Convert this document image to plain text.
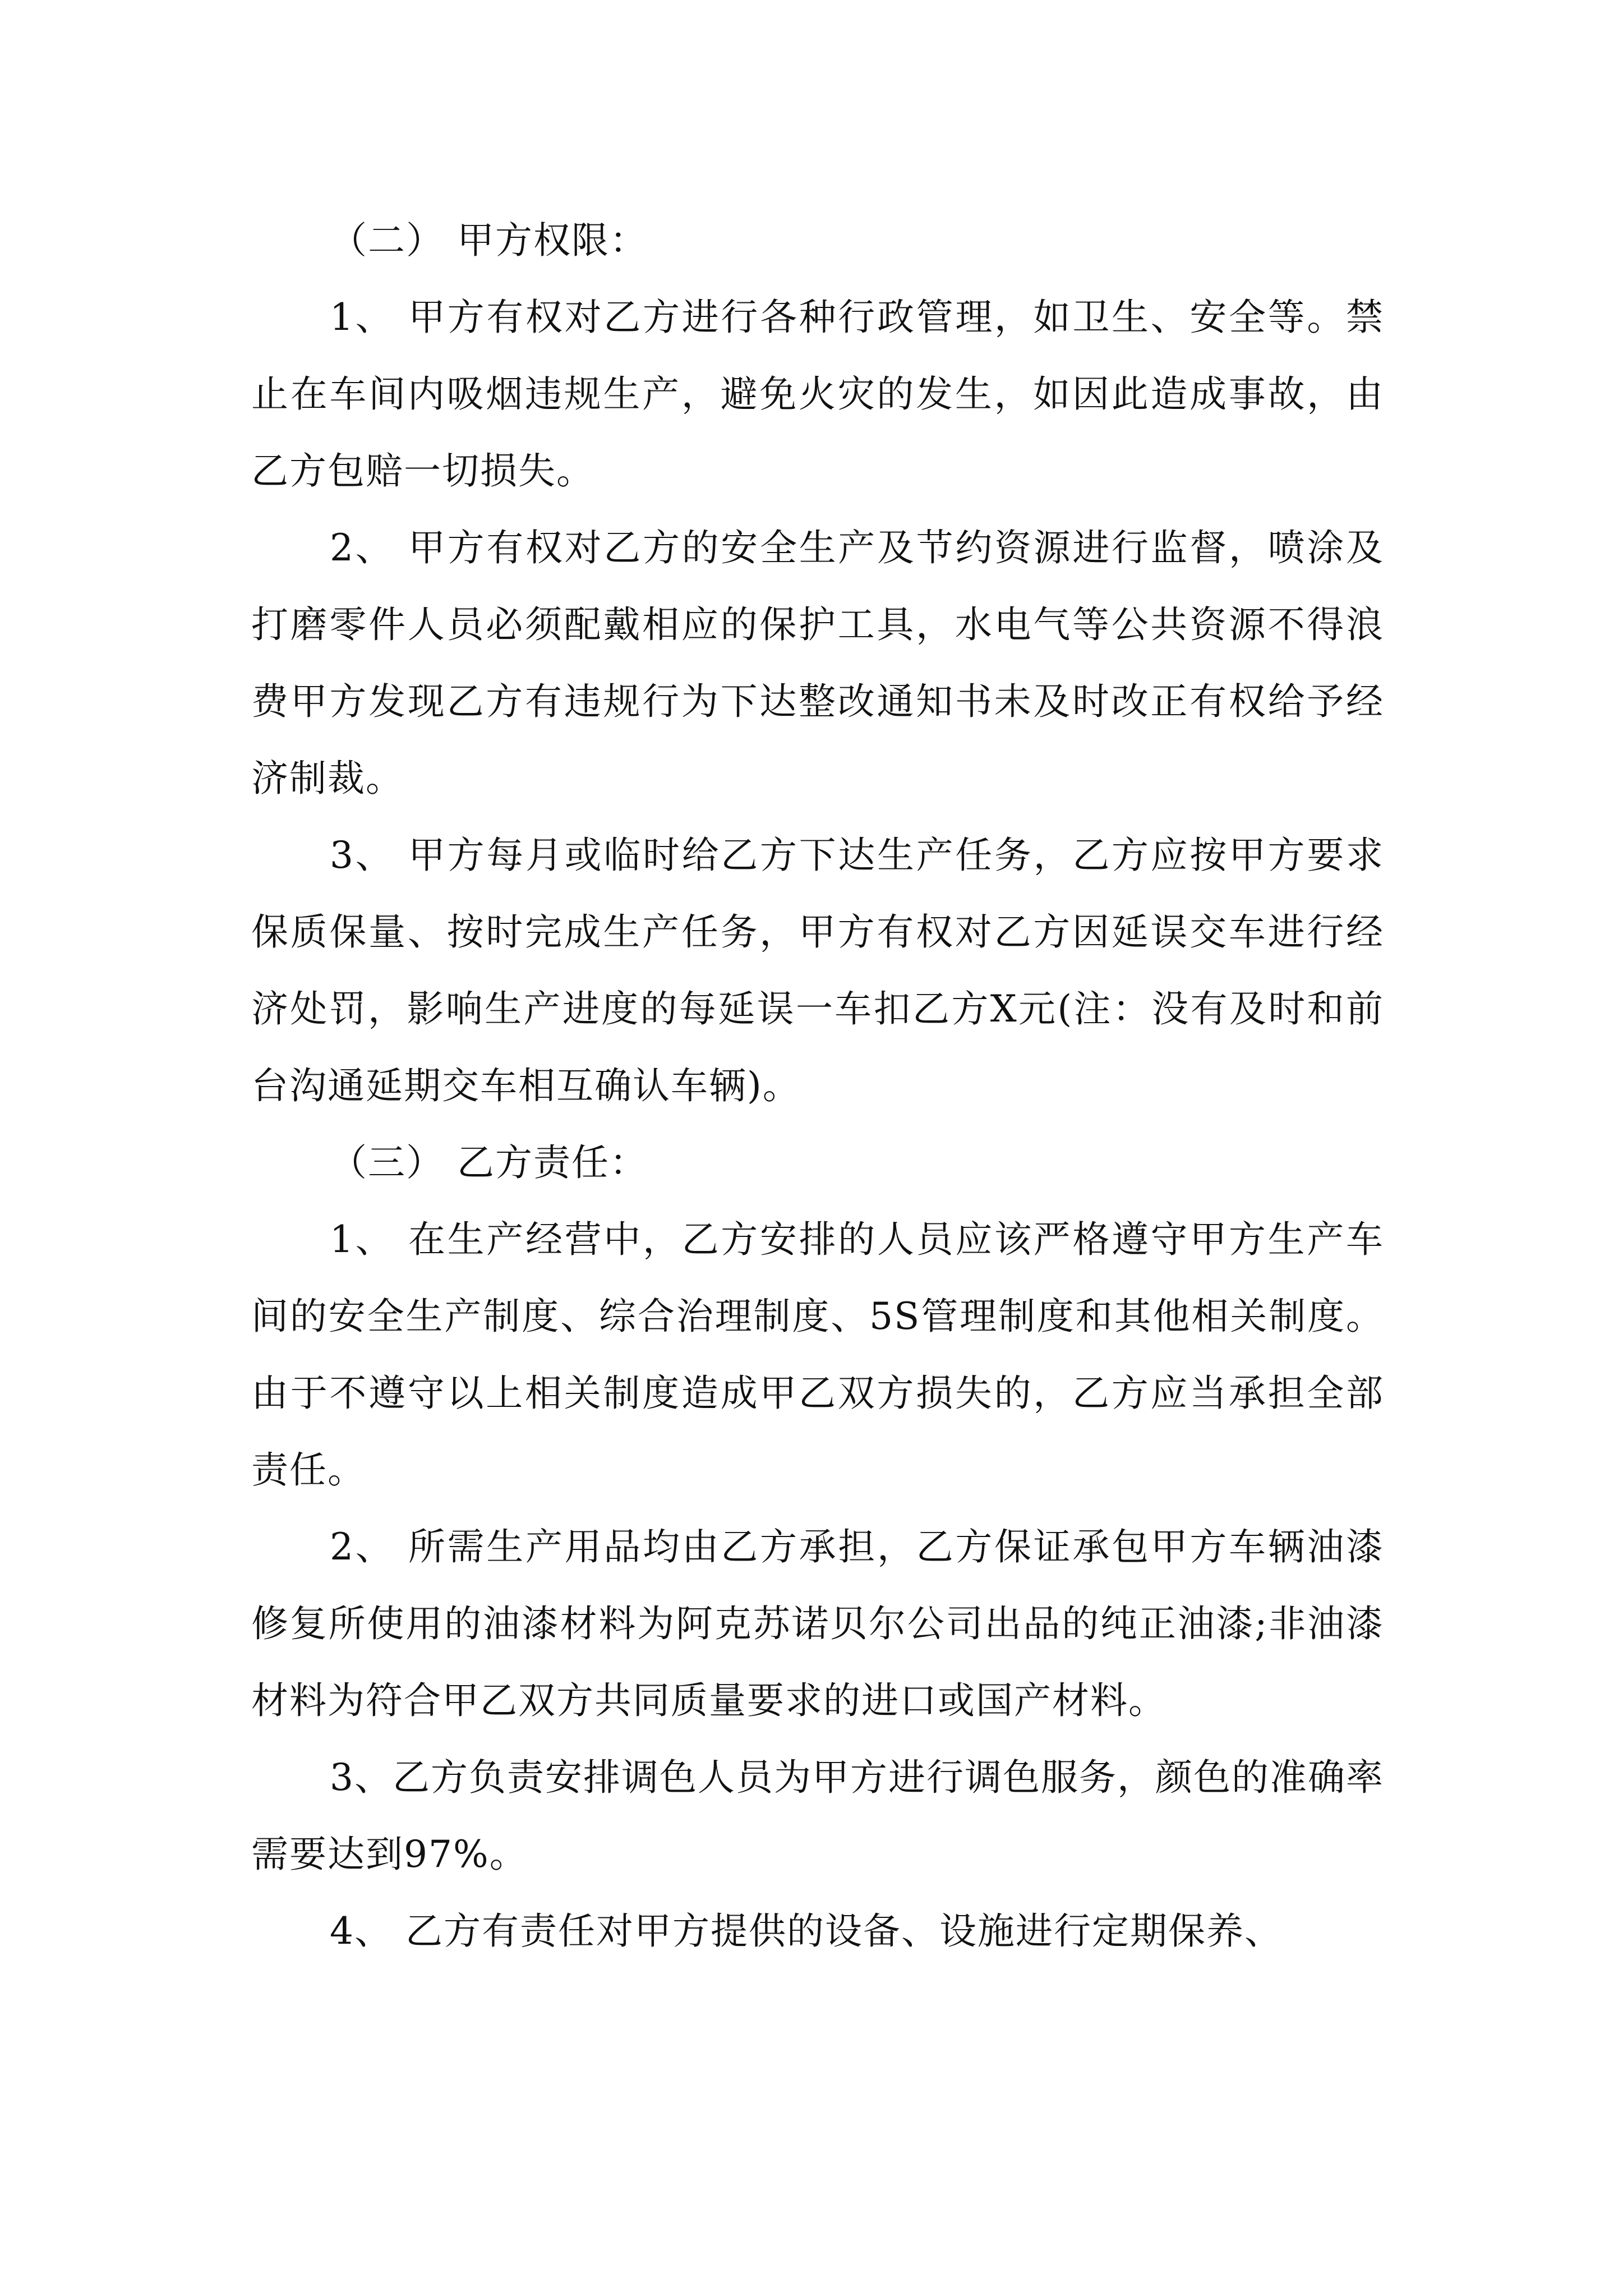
（二） 甲方权限：

1、 甲方有权对乙方进行各种行政管理，如卫生、安全等。禁止在车间内吸烟违规生产，避免火灾的发生，如因此造成事故，由乙方包赔一切损失。

2、 甲方有权对乙方的安全生产及节约资源进行监督，喷涂及打磨零件人员必须配戴相应的保护工具，水电气等公共资源不得浪费甲方发现乙方有违规行为下达整改通知书未及时改正有权给予经济制裁。

3、 甲方每月或临时给乙方下达生产任务，乙方应按甲方要求保质保量、按时完成生产任务，甲方有权对乙方因延误交车进行经济处罚，影响生产进度的每延误一车扣乙方X元(注：没有及时和前台沟通延期交车相互确认车辆)。

（三） 乙方责任：

1、 在生产经营中，乙方安排的人员应该严格遵守甲方生产车间的安全生产制度、综合治理制度、5S管理制度和其他相关制度。由于不遵守以上相关制度造成甲乙双方损失的，乙方应当承担全部责任。

2、 所需生产用品均由乙方承担，乙方保证承包甲方车辆油漆修复所使用的油漆材料为阿克苏诺贝尔公司出品的纯正油漆;非油漆材料为符合甲乙双方共同质量要求的进口或国产材料。

3、乙方负责安排调色人员为甲方进行调色服务，颜色的准确率需要达到97%。

4、 乙方有责任对甲方提供的设备、设施进行定期保养、
